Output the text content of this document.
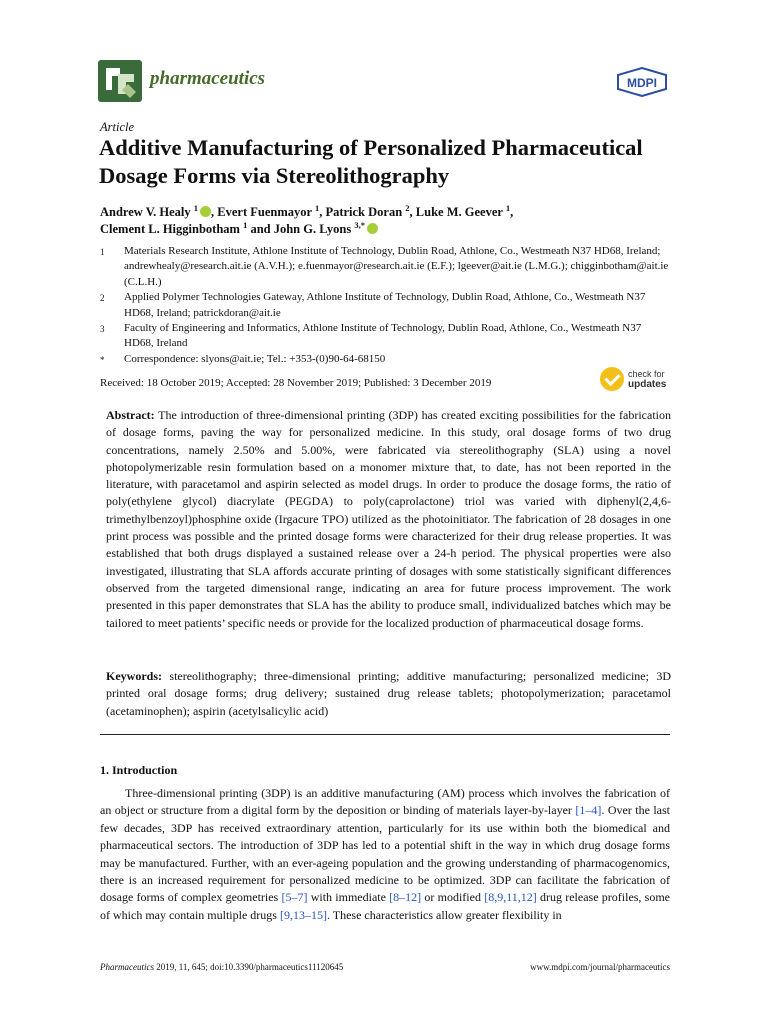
pharmaceutics	MDPI
Article
Additive Manufacturing of Personalized Pharmaceutical Dosage Forms via Stereolithography
Andrew V. Healy $^1$ , Evert Fuenmayor $^1$, Patrick Doran $^2$, Luke M. Geever $^1$,
Clement L. Higginbotham $^1$ and John G. Lyons $^{3,*}$
1	Materials Research Institute, Athlone Institute of Technology, Dublin Road, Athlone, Co., Westmeath N37 HD68, Ireland; andrewhealy@research.ait.ie (A.V.H.); e.fuenmayor@research.ait.ie (E.F.); lgeever@ait.ie (L.M.G.); chigginbotham@ait.ie (C.L.H.)
2	Applied Polymer Technologies Gateway, Athlone Institute of Technology, Dublin Road, Athlone, Co., Westmeath N37 HD68, Ireland; patrickdoran@ait.ie
3	Faculty of Engineering and Informatics, Athlone Institute of Technology, Dublin Road, Athlone, Co., Westmeath N37 HD68, Ireland
*	Correspondence: slyons@ait.ie; Tel.: +353-(0)90-64-68150
Received: 18 October 2019; Accepted: 28 November 2019; Published: 3 December 2019
check for
updates
Abstract: The introduction of three-dimensional printing (3DP) has created exciting possibilities for the fabrication of dosage forms, paving the way for personalized medicine. In this study, oral dosage forms of two drug concentrations, namely 2.50% and 5.00%, were fabricated via stereolithography (SLA) using a novel photopolymerizable resin formulation based on a monomer mixture that, to date, has not been reported in the literature, with paracetamol and aspirin selected as model drugs. In order to produce the dosage forms, the ratio of poly(ethylene glycol) diacrylate (PEGDA) to poly(caprolactone) triol was varied with diphenyl(2,4,6-trimethylbenzoyl)phosphine oxide (Irgacure TPO) utilized as the photoinitiator. The fabrication of 28 dosages in one print process was possible and the printed dosage forms were characterized for their drug release properties. It was established that both drugs displayed a sustained release over a 24-h period. The physical properties were also investigated, illustrating that SLA affords accurate printing of dosages with some statistically significant differences observed from the targeted dimensional range, indicating an area for future process improvement. The work presented in this paper demonstrates that SLA has the ability to produce small, individualized batches which may be tailored to meet patients’ specific needs or provide for the localized production of pharmaceutical dosage forms.
Keywords: stereolithography; three-dimensional printing; additive manufacturing; personalized medicine; 3D printed oral dosage forms; drug delivery; sustained drug release tablets; photopolymerization; paracetamol (acetaminophen); aspirin (acetylsalicylic acid)
1. Introduction

Three-dimensional printing (3DP) is an additive manufacturing (AM) process which involves the fabrication of an object or structure from a digital form by the deposition or binding of materials layer-by-layer [1–4]. Over the last few decades, 3DP has received extraordinary attention, particularly for its use within both the biomedical and pharmaceutical sectors. The introduction of 3DP has led to a potential shift in the way in which drug dosage forms may be manufactured. Further, with an ever-ageing population and the growing understanding of pharmacogenomics, there is an increased requirement for personalized medicine to be optimized. 3DP can facilitate the fabrication of dosage forms of complex geometries [5–7] with immediate [8–12] or modified [8,9,11,12] drug release profiles, some of which may contain multiple drugs [9,13–15]. These characteristics allow greater flexibility in

Pharmaceutics 2019, 11, 645; doi:10.3390/pharmaceutics11120645	www.mdpi.com/journal/pharmaceutics
